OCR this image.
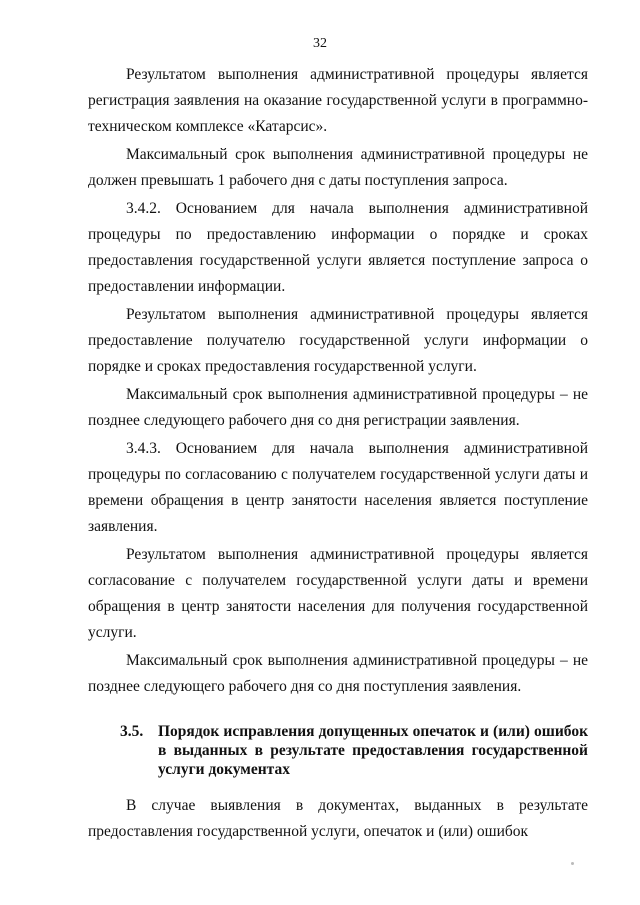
32

Результатом выполнения административной процедуры является регистрация заявления на оказание государственной услуги в программно-техническом комплексе «Катарсис».

Максимальный срок выполнения административной процедуры не должен превышать 1 рабочего дня с даты поступления запроса.

3.4.2. Основанием для начала выполнения административной процедуры по предоставлению информации о порядке и сроках предоставления государственной услуги является поступление запроса о предоставлении информации.

Результатом выполнения административной процедуры является предоставление получателю государственной услуги информации о порядке и сроках предоставления государственной услуги.

Максимальный срок выполнения административной процедуры – не позднее следующего рабочего дня со дня регистрации заявления.

3.4.3. Основанием для начала выполнения административной процедуры по согласованию с получателем государственной услуги даты и времени обращения в центр занятости населения является поступление заявления.

Результатом выполнения административной процедуры является согласование с получателем государственной услуги даты и времени обращения в центр занятости населения для получения государственной услуги.

Максимальный срок выполнения административной процедуры – не позднее следующего рабочего дня со дня поступления заявления.

3.5. Порядок исправления допущенных опечаток и (или) ошибок в выданных в результате предоставления государственной услуги документах

В случае выявления в документах, выданных в результате предоставления государственной услуги, опечаток и (или) ошибок
